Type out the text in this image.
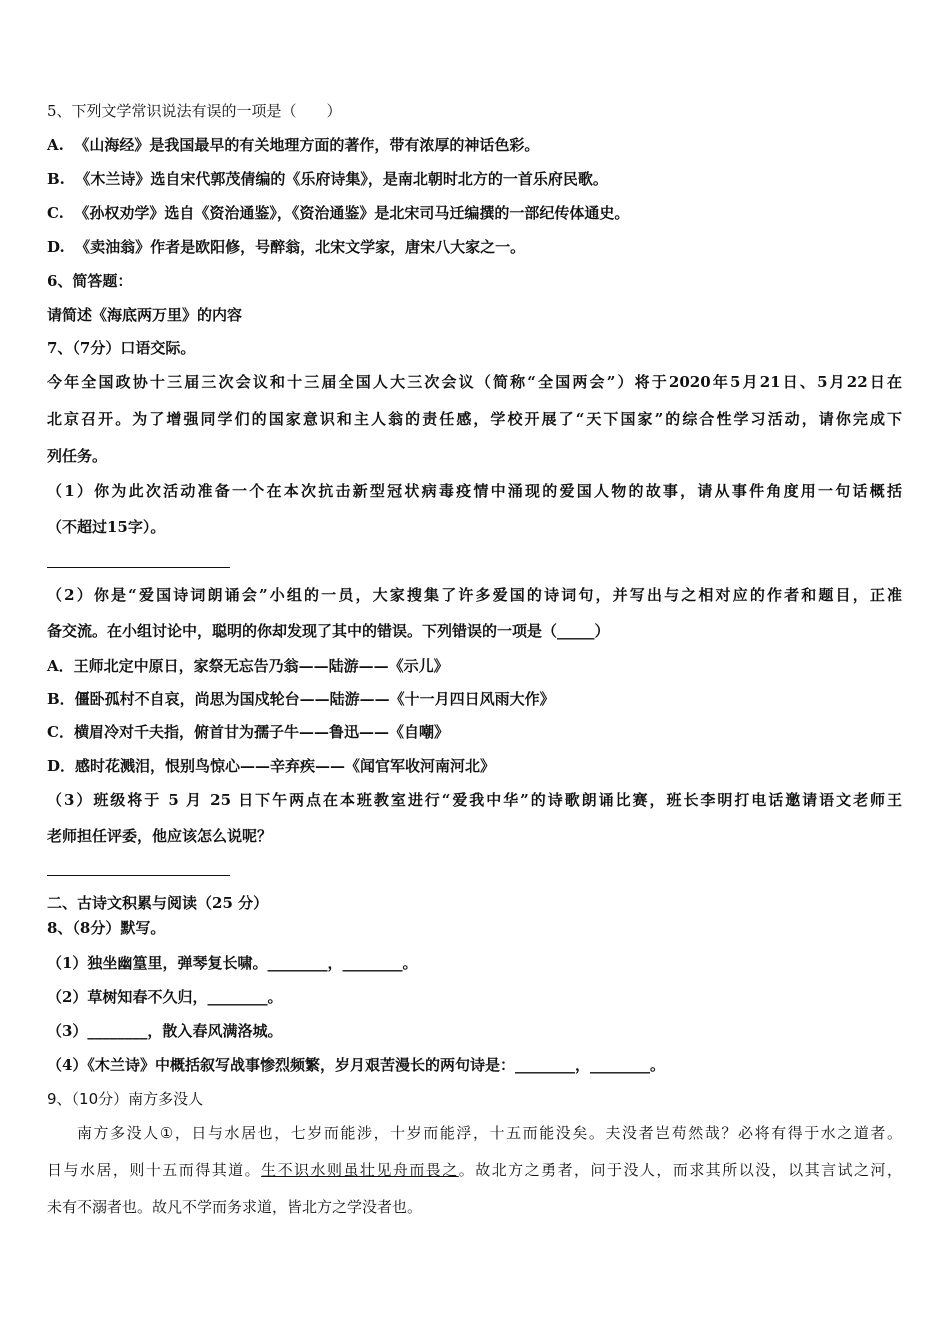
5、下列文学常识说法有误的一项是（　　）
A. 《山海经》是我国最早的有关地理方面的著作，带有浓厚的神话色彩。
B. 《木兰诗》选自宋代郭茂倩编的《乐府诗集》，是南北朝时北方的一首乐府民歌。
C. 《孙权劝学》选自《资治通鉴》，《资治通鉴》是北宋司马迁编撰的一部纪传体通史。
D. 《卖油翁》作者是欧阳修，号醉翁，北宋文学家，唐宋八大家之一。
6、简答题：
请简述《海底两万里》的内容
7、（7分）口语交际。
今年全国政协十三届三次会议和十三届全国人大三次会议（简称“全国两会”）将于2020年5月21日、5月22日在
北京召开。为了增强同学们的国家意识和主人翁的责任感，学校开展了“天下国家”的综合性学习活动，请你完成下
列任务。
（1）你为此次活动准备一个在本次抗击新型冠状病毒疫情中涌现的爱国人物的故事，请从事件角度用一句话概括
（不超过15字）。
（2）你是“爱国诗词朗诵会”小组的一员，大家搜集了许多爱国的诗词句，并写出与之相对应的作者和题目，正准
备交流。在小组讨论中，聪明的你却发现了其中的错误。下列错误的一项是（_____）
A．王师北定中原日，家祭无忘告乃翁——陆游——《示儿》
B．僵卧孤村不自哀，尚思为国戍轮台——陆游——《十一月四日风雨大作》
C．横眉冷对千夫指，俯首甘为孺子牛——鲁迅——《自嘲》
D．感时花溅泪，恨别鸟惊心——辛弃疾——《闻官军收河南河北》
（3）班级将于 5 月 25 日下午两点在本班教室进行“爱我中华”的诗歌朗诵比赛，班长李明打电话邀请语文老师王
老师担任评委，他应该怎么说呢？
二、古诗文积累与阅读（25 分）
8、（8分）默写。
（1）独坐幽篁里，弹琴复长啸。________，________。
（2）草树知春不久归，________。
（3）________，散入春风满洛城。
（4）《木兰诗》中概括叙写战事惨烈频繁，岁月艰苦漫长的两句诗是：________，________。
9、（10分）南方多没人
南方多没人①，日与水居也，七岁而能涉，十岁而能浮，十五而能没矣。夫没者岂苟然哉？必将有得于水之道者。
日与水居，则十五而得其道。生不识水则虽壮见舟而畏之。故北方之勇者，问于没人，而求其所以没，以其言试之河，
未有不溺者也。故凡不学而务求道，皆北方之学没者也。
